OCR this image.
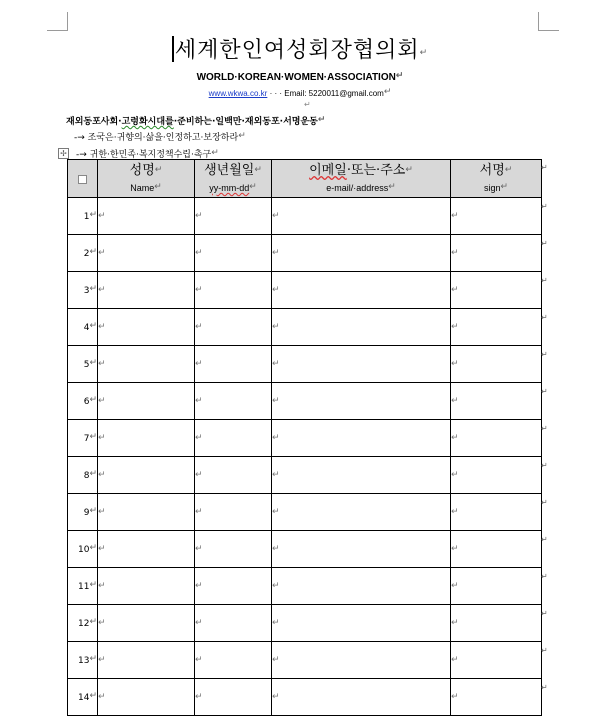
세계한인여성회장협의회↵
WORLD·KOREAN·WOMEN·ASSOCIATION↵
www.wkwa.co.kr · · · Email: 5220011@gmail.com↵
↵
재외동포사회·고령화시대를·준비하는·일백만·재외동포·서명운동↵
-→ 조국은·귀향의·삶을·인정하고·보장하라↵
-→ 귀한·한민족·복지정책수립·촉구↵
✢

	성명↵
Name↵	생년월일↵
yy-mm-dd↵	이메일·또는·주소↵
e-mail/·address↵	서명↵
sign↵

1↵	↵	↵	↵	↵
2↵	↵	↵	↵	↵
3↵	↵	↵	↵	↵
4↵	↵	↵	↵	↵
5↵	↵	↵	↵	↵
6↵	↵	↵	↵	↵
7↵	↵	↵	↵	↵
8↵	↵	↵	↵	↵
9↵	↵	↵	↵	↵
10↵	↵	↵	↵	↵
11↵	↵	↵	↵	↵
12↵	↵	↵	↵	↵
13↵	↵	↵	↵	↵
14↵	↵	↵	↵	↵
↵
↵
↵
↵
↵
↵
↵
↵
↵
↵
↵
↵
↵
↵
↵
